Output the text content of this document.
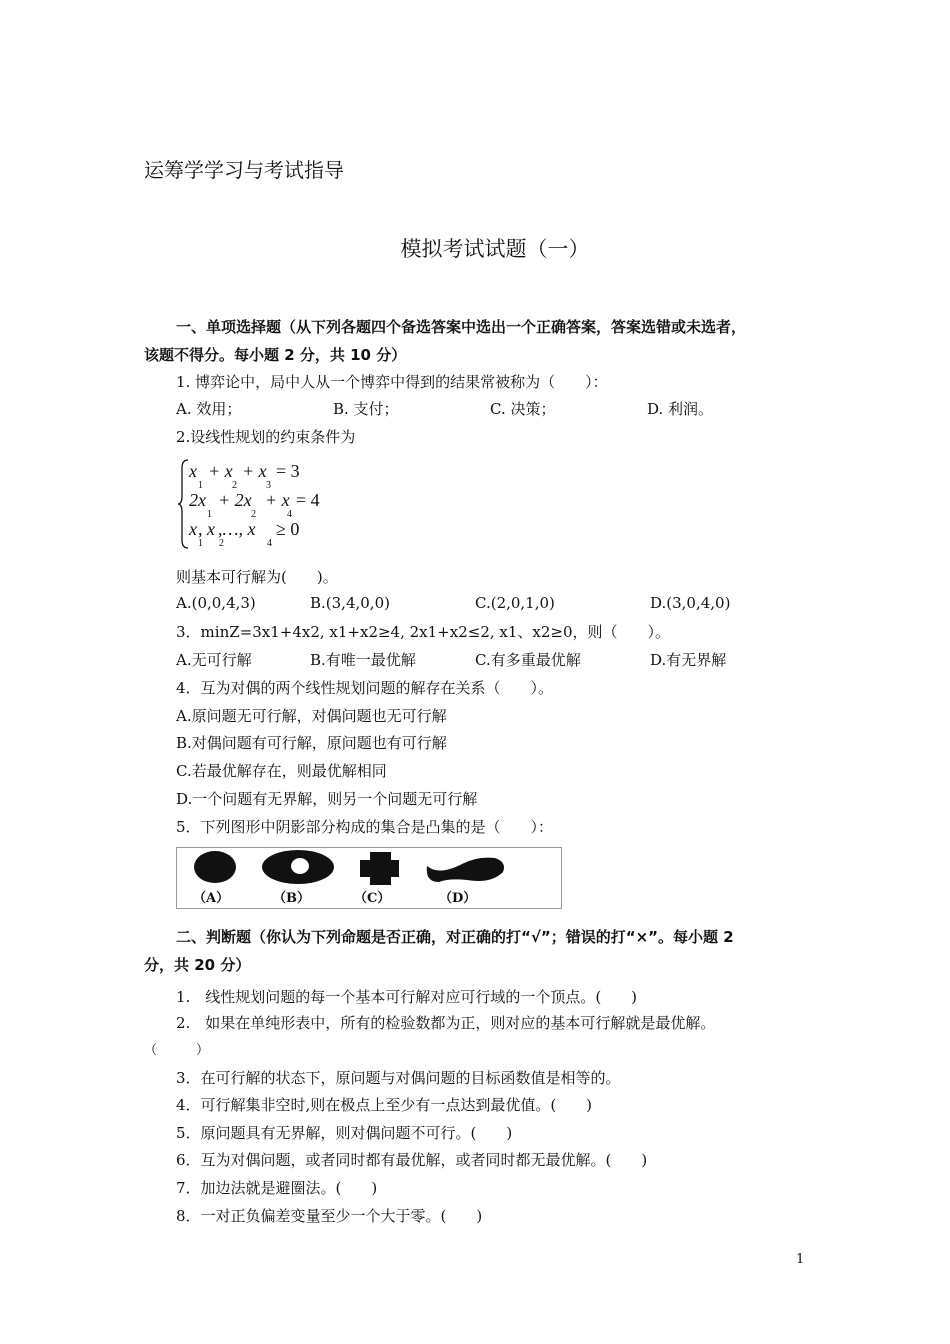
运筹学学习与考试指导
模拟考试试题（一）
一、单项选择题（从下列各题四个备选答案中选出一个正确答案，答案选错或未选者，
该题不得分。每小题 2 分，共 10 分）
1. 博弈论中，局中人从一个博弈中得到的结果常被称为（　　）：
A. 效用；	B. 支付；	C. 决策；	D. 利润。
2.设线性规划的约束条件为
x + x + x = 3
1	2	3
2x + 2x + x = 4
1	2	4
x , x ,…, x ≥ 0
1 2	4
则基本可行解为(　　)。
A.(0,0,4,3)	B.(3,4,0,0)	C.(2,0,1,0)	D.(3,0,4,0)
3．minZ=3x1+4x2, x1+x2≥4, 2x1+x2≤2, x1、x2≥0，则（　　）。
A.无可行解	B.有唯一最优解	C.有多重最优解	D.有无界解
4．互为对偶的两个线性规划问题的解存在关系（　　）。
A.原问题无可行解，对偶问题也无可行解
B.对偶问题有可行解，原问题也有可行解
C.若最优解存在，则最优解相同
D.一个问题有无界解，则另一个问题无可行解
5．下列图形中阴影部分构成的集合是凸集的是（　　）：
（A）	（B）	（C）	（D）
二、判断题（你认为下列命题是否正确，对正确的打“√”；错误的打“×”。每小题 2
分，共 20 分）
1.　线性规划问题的每一个基本可行解对应可行域的一个顶点。(　　)
2.　如果在单纯形表中，所有的检验数都为正，则对应的基本可行解就是最优解。
（　　　）
3．在可行解的状态下，原问题与对偶问题的目标函数值是相等的。
4．可行解集非空时,则在极点上至少有一点达到最优值。(　　)
5．原问题具有无界解，则对偶问题不可行。(　　)
6．互为对偶问题，或者同时都有最优解，或者同时都无最优解。(　　)
7．加边法就是避圈法。(　　)
8．一对正负偏差变量至少一个大于零。(　　)
1
